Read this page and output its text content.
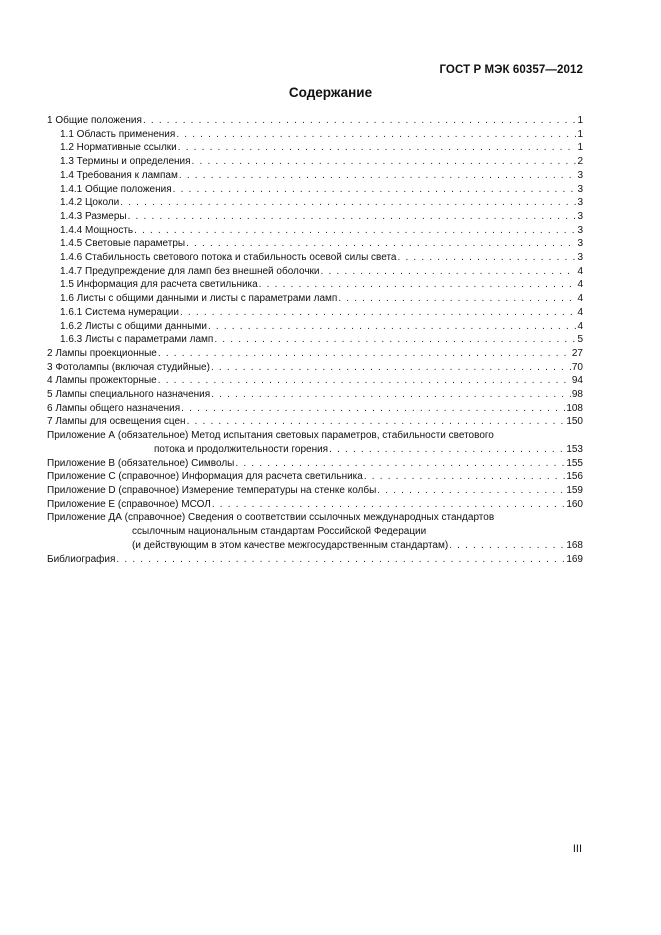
ГОСТ Р МЭК 60357—2012
Содержание
1 Общие положения . . .	1
1.1 Область применения . . .	1
1.2 Нормативные ссылки . . .	1
1.3 Термины и определения . . .	2
1.4 Требования к лампам . . .	3
1.4.1 Общие положения . . .	3
1.4.2 Цоколи . . .	3
1.4.3 Размеры . . .	3
1.4.4 Мощность . . .	3
1.4.5 Световые параметры . . .	3
1.4.6 Стабильность светового потока и стабильность осевой силы света . . .	3
1.4.7 Предупреждение для ламп без внешней оболочки . . .	4
1.5 Информация для расчета светильника . . .	4
1.6 Листы с общими данными и листы с параметрами ламп . . .	4
1.6.1 Система нумерации . . .	4
1.6.2 Листы с общими данными . . .	4
1.6.3 Листы с параметрами ламп . . .	5
2 Лампы проекционные . . .	27
3 Фотолампы (включая студийные) . . .	70
4 Лампы прожекторные . . .	94
5 Лампы специального назначения . . .	98
6 Лампы общего назначения . . .	108
7 Лампы для освещения сцен . . .	150
Приложение А (обязательное) Метод испытания световых параметров, стабильности светового
потока и продолжительности горения . . .	153
Приложение В (обязательное) Символы . . .	155
Приложение С (справочное) Информация для расчета светильника . . .	156
Приложение D (справочное) Измерение температуры на стенке колбы . . .	159
Приложение Е (справочное) МСОЛ . . .	160
Приложение ДА (справочное) Сведения о соответствии ссылочных международных стандартов
ссылочным национальным стандартам Российской Федерации
(и действующим в этом качестве межгосударственным стандартам) . . .	168
Библиография . . .	169
III
